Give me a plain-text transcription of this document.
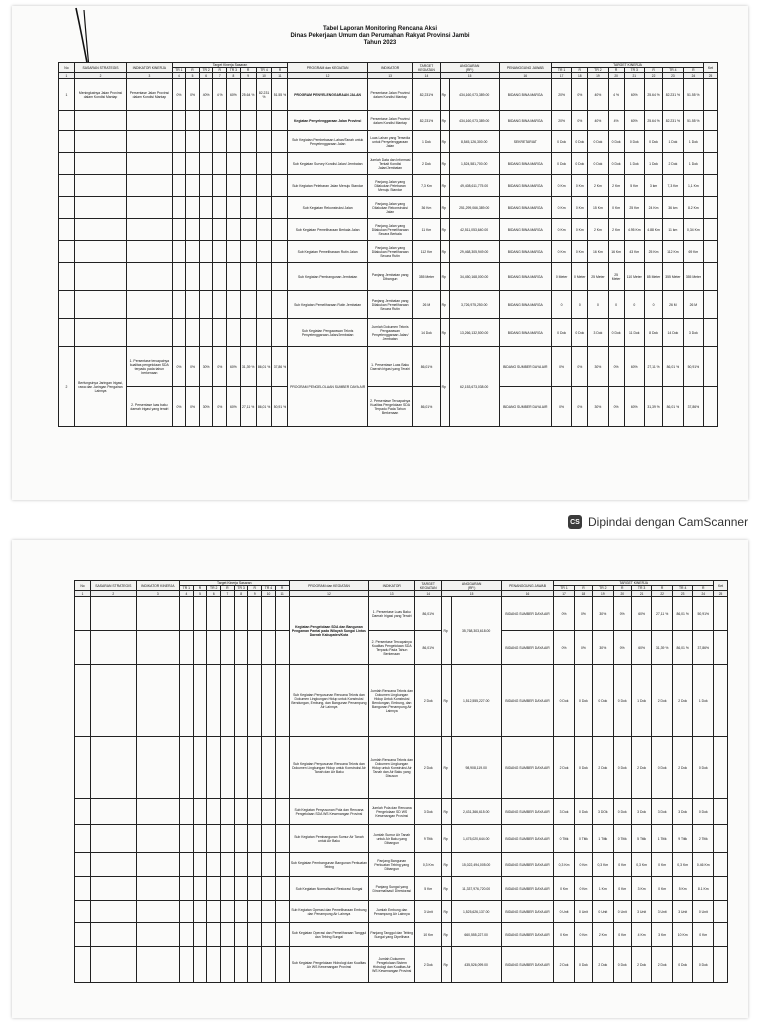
Tabel Laporan Monitoring Rencana Aksi
Dinas Pekerjaan Umum dan Perumahan Rakyat Provinsi Jambi
Tahun 2023
No	SASARAN STRATEGIS	INDIKATOR KINERJA	Target Kinerja Sasaran								PROGRAM dan KEGIATAN	INDIKATOR	TARGET KEGIATAN	ANGGARAN
(RP.)		PENANGGUNG JAWAB	TARGET KINERJA								Ket
			TR 1	R	TR 2	R	TR 3	R	TR 4	R							TR 1	R	TR 2	R	TR 3	R	TR 4	R	
1	2	3	4	5	6	7	8	9	10	11	12	13	14	15		16	17	18	19	20	21	22	23	24	25
1	Meningkatnya Jalan Provinsi dalam Kondisi Mantap	Persentase Jalan Provinsi dalam Kondisi Mantap	0%	0%	40%	4 %	60%	25.64 %	82.231 %	51.55 %	PROGRAM PENYELENGGARAAN JALAN	Persentase Jalan Provinsi dalam Kondisi Mantap	82,231%	Rp	434,160,073,389.00	BIDANG BINA MARGA	20%	0%	40%	4 %	60%	25.64 %	82.231 %	51.55 %	
											Kegiatan Penyelenggaraan Jalan Provinsi	Persentase Jalan Provinsi dalam Kondisi Mantap	82,231%	Rp	434,160,073,389.00	BIDANG BINA MARGA	20%	0%	40%	4%	60%	25.64 %	82.231 %	51.55 %	
											Sub Kegiatan Pembebasan Lahan/Tanah untuk Penyelenggaraan Jalan	Luas Lahan yang Tersedia untuk Penyelenggaraan Jalan	1 Dok	Rp	8,545,126,300.00	SEKRETARIAT	0 Dok	0 Dok	0 Dok	0 Dok	0 Dok	0 Dok	1 Dok	1 Dok	
											Sub Kegiatan Survey Kondisi Jalan/ Jembatan	Jumlah Data dan Informasi Terkait Kondisi Jalan/Jembatan	2 Dok	Rp	1,524,581,700.00	BIDANG BINA MARGA	0 Dok	0 Dok	0 Dok	0 Dok	1 Dok	1 Dok	2 Dok	1 Dok	
											Sub Kegiatan Pelebaran Jalan Menuju Standar	Panjang Jalan yang Dilakukan Pelebaran Menuju Standar	7,3 Km	Rp	49,408,611,775.00	BIDANG BINA MARGA	0 Km	0 Km	2 Km	2 Km	5 Km	3 km	7,3 Km	1,1 Km	
											Sub Kegiatan Rekonstruksi Jalan	Panjang Jalan yang Dilakukan Rekonstruksi Jalan	36 Km	Rp	251,299,066,389.00	BIDANG BINA MARGA	0 Km	0 Km	15 Km	0 Km	25 Km	24 Km	36 km	8.2 Km	
											Sub Kegiatan Pemeliharaan Berkala Jalan	Panjang Jalan yang Dilakukan Pemeliharaan Secara Berkala	11 Km	Rp	42,511,053,640.00	BIDANG BINA MARGA	0 Km	0 Km	2 Km	2 Km	4.95 Km	4.88 Km	11 km	0,34 Km	
											Sub Kegiatan Pemeliharaan Rutin Jalan	Panjang Jalan yang Dilakukan Pemeliharaan Secara Rutin	112 Km	Rp	29,468,305,949.00	BIDANG BINA MARGA	0 Km	0 Km	16 Km	16 Km	43 Km	25 Km	112 Km	69 Km	
											Sub Kegiatan Pembangunan Jembatan	Panjang Jembatan yang Dibangun	355 Meter	Rp	34,450,168,000.00	BIDANG BINA MARGA	0 Meter	0 Meter	25 Meter	25 Meter	110 Meter	85 Meter	355 Meter	355 Meter	
											Sub Kegiatan Pemeliharaan Rutin Jembatan	Panjang Jembatan yang Dilakukan Pemeliharaan Secara Rutin	26 M	Rp	3,726,975,250.00	BIDANG BINA MARGA	0	0	0	0	0	0	26 M	26 M	
											Sub Kegiatan Pengawasan Teknis Penyelenggaraan Jalan/Jembatan	Jumlah Dokumen Teknis Pengawasan Penyelenggaraan Jalan/ Jembatan	14 Dok	Rp	13,266,132,500.00	BIDANG BINA MARGA	0 Dok	0 Dok	3 Dok	0 Dok	11 Dok	8 Dok	14 Dok	3 Dok	
2	Berfungsinya Jaringan Irigasi, rawa dan Jaringan Pengairan Lainnya	1. Persentase tercapainya kualitas pengelolaan SDA terpadu pada tahun berkenaan	0%	0%	30%	0%	60%	31,39 %	86,01 %	37,86 %	PROGRAM PENGELOLAAN SUMBER DAYA AIR	1. Persentase Luas Baku Daerah Irigasi yang Terairi	86,01%	Rp	62,153,673,038.00	BIDANG SUMBER DAYA AIR	0%	0%	30%	0%	60%	27,11 %	86,01 %	50,91%	
		2. Persentase luas baku daerah irigasi yang terairi	0%	0%	30%	0%	60%	27,11 %	86,01 %	50,91 %		2. Persentase Tercapainya Kualitas Pengelolaan SDA Terpadu Pada Tahun Berkenaan	86,01%			BIDANG SUMBER DAYA AIR	0%	0%	30%	0%	60%	31,39 %	86,01 %	37,86%	
CS Dipindai dengan CamScanner
No	SASARAN STRATEGIS	INDIKATOR KINERJA	Target Kinerja Sasaran								PROGRAM dan KEGIATAN	INDIKATOR	TARGET KEGIATAN	ANGGARAN
(RP.)		PENANGGUNG JAWAB	TARGET KINERJA								Ket
			TR 1	R	TR 2	R	TR 3	R	TR 4	R							TR 1	R	TR 2	R	TR 3	R	TR 4	R	
1	2	3	4	5	6	7	8	9	10	11	12	13	14	15		16	17	18	19	20	21	22	23	24	25
											Kegiatan Pengelolaan SDA dan Bangunan Pengaman Pantai pada Wilayah Sungai Lintas Daerah Kabupaten/Kota	1. Persentase Luas Baku Daerah Irigasi yang Terairi	86,01%	Rp	35,768,303,618.00	BIDANG SUMBER DAYA AIR	0%	0%	30%	0%	60%	27,11 %	86,01 %	50,91%	
												2. Persentase Tercapainya Kualitas Pengelolaan SDA Terpadu Pada Tahun Berkenaan	86,01%			BIDANG SUMBER DAYA AIR	0%	0%	30%	0%	60%	31,39 %	86,01 %	37,86%	
											Sub Kegiatan Penyusunan Rencana Teknis dan Dokumen Lingkungan Hidup untuk Konstruksi Bendungan, Embung, dan Bangunan Penampung Air Lainnya	Jumlah Rencana Teknis dan Dokumen Lingkungan Hidup Untuk Konstruksi Bendungan, Embung, dan Bangunan Penampung Air Lainnya	2 Dok	Rp	1,512,555,227.00	BIDANG SUMBER DAYA AIR	0 Dok	0 Dok	0 Dok	0 Dok	1 Dok	2 Dok	2 Dok	1 Dok	
											Sub Kegiatan Penyusunan Rencana Teknis dan Dokumen Lingkungan Hidup untuk Konstruksi Air Tanah dan Air Baku	Jumlah Rencana Teknis dan Dokumen Lingkungan Hidup untuk Konstruksi Air Tanah dan Air Baku yang Disusun	2 Dok	Rp	98,908,119.00	BIDANG SUMBER DAYA AIR	2 Dok	0 Dok	2 Dok	0 Dok	2 Dok	0 Dok	2 Dok	0 Dok	
											Sub Kegiatan Penyusunan Pola dan Rencana Pengelolaan SDA WS Kewenangan Provinsi	Jumlah Pola dan Rencana Pengelolaan SD WS Kewenangan Provinsi	3 Dok	Rp	2,431,366,615.00	BIDANG SUMBER DAYA AIR	3 Dok	0 Dok	3 DOk	0 Dok	3 Dok	3 Dok	3 Dok	0 Dok	
											Sub Kegiatan Pembangunan Sumur Air Tanah untuk Air Baku	Jumlah Sumur Air Tanah untuk Air Baku yang Dibangun	9 Titik	Rp	1,475,020,644.00	BIDANG SUMBER DAYA AIR	0 Titik	0 Titik	1 Titik	0 Titik	5 Titik	1 Titik	9 Titik	2 Titik	
											Sub Kegiatan Pembangunan Bangunan Perkuatan Tebing	Panjang Bangunan Perkuatan Tebing yang Dibangun	0,3 Km	Rp	15,022,494,005.00	BIDANG SUMBER DAYA AIR	0,3 Km	0 Km	0,3 Km	0 Km	0,3 Km	0 Km	0,3 Km	0.46 Km	
											Sub Kegiatan Normalisasi/ Restorasi Sungai	Panjang Sungai yang Dinormalisasi/ Direstorasi	5 Km	Rp	11,337,976,720.00	BIDANG SUMBER DAYA AIR	0 Km	0 Km	1 Km	0 Km	3 Km	0 Km	5 Km	8.1 Km	
											Sub Kegiatan Operasi dan Pemeliharaan Embung dan Penampung Air Lainnya	Jumlah Embung dan Penampung Air Lainnya	3 Unit	Rp	1,525,626,137.00	BIDANG SUMBER DAYA AIR	0 Unit	0 Unit	0 Unit	0 Unit	3 Unit	3 Unit	3 Unit	0 Unit	
											Sub Kegiatan Operasi dan Pemeliharaan Tanggul dan Tebing Sungai	Panjang Tanggul dan Tebing Sungai yang Dipelihara	10 Km	Rp	660,555,227.00	BIDANG SUMBER DAYA AIR	0 Km	0 Km	2 Km	0 Km	4 Km	3 Km	10 Km	0 Km	
											Sub Kegiatan Pengelolaan Hidrologi dan Kualitas Air WS Kewenangan Provinsi	Jumlah Dokumen Pengelolaan Sistem Hidrologi dan Kualitas Air WS Kewenangan Provinsi	2 Dok	Rp	435,526,099.00	BIDANG SUMBER DAYA AIR	2 Dok	0 Dok	2 Dok	0 Dok	2 Dok	2 Dok	0 Dok	0 Dok	
